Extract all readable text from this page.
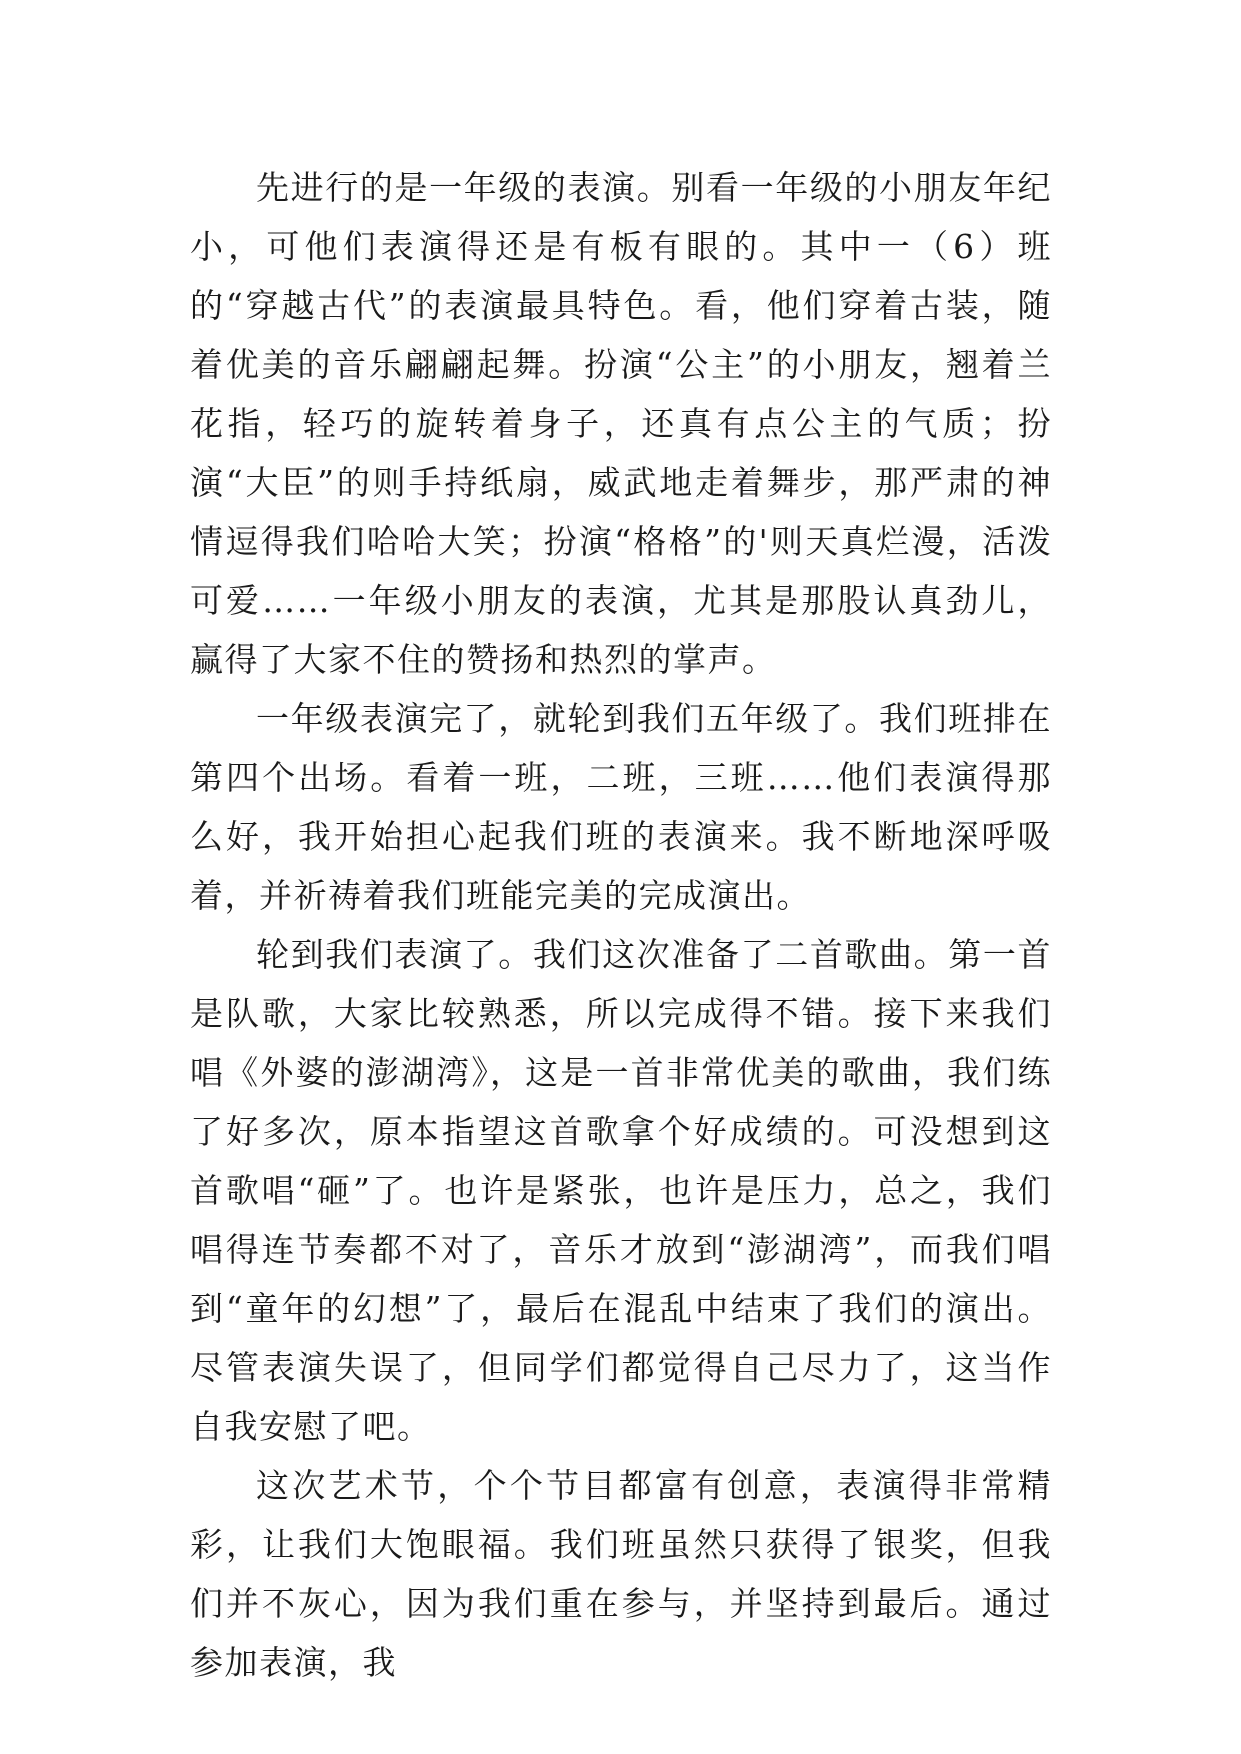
先进行的是一年级的表演。别看一年级的小朋友年纪小，可他们表演得还是有板有眼的。其中一（6）班的“穿越古代”的表演最具特色。看，他们穿着古装，随着优美的音乐翩翩起舞。扮演“公主”的小朋友，翘着兰花指，轻巧的旋转着身子，还真有点公主的气质；扮演“大臣”的则手持纸扇，威武地走着舞步，那严肃的神情逗得我们哈哈大笑；扮演“格格”的'则天真烂漫，活泼可爱……一年级小朋友的表演，尤其是那股认真劲儿，赢得了大家不住的赞扬和热烈的掌声。

一年级表演完了，就轮到我们五年级了。我们班排在第四个出场。看着一班，二班，三班……他们表演得那么好，我开始担心起我们班的表演来。我不断地深呼吸着，并祈祷着我们班能完美的完成演出。

轮到我们表演了。我们这次准备了二首歌曲。第一首是队歌，大家比较熟悉，所以完成得不错。接下来我们唱《外婆的澎湖湾》，这是一首非常优美的歌曲，我们练了好多次，原本指望这首歌拿个好成绩的。可没想到这首歌唱“砸”了。也许是紧张，也许是压力，总之，我们唱得连节奏都不对了，音乐才放到“澎湖湾”，而我们唱到“童年的幻想”了，最后在混乱中结束了我们的演出。尽管表演失误了，但同学们都觉得自己尽力了，这当作自我安慰了吧。

这次艺术节，个个节目都富有创意，表演得非常精彩，让我们大饱眼福。我们班虽然只获得了银奖，但我们并不灰心，因为我们重在参与，并坚持到最后。通过参加表演，我
